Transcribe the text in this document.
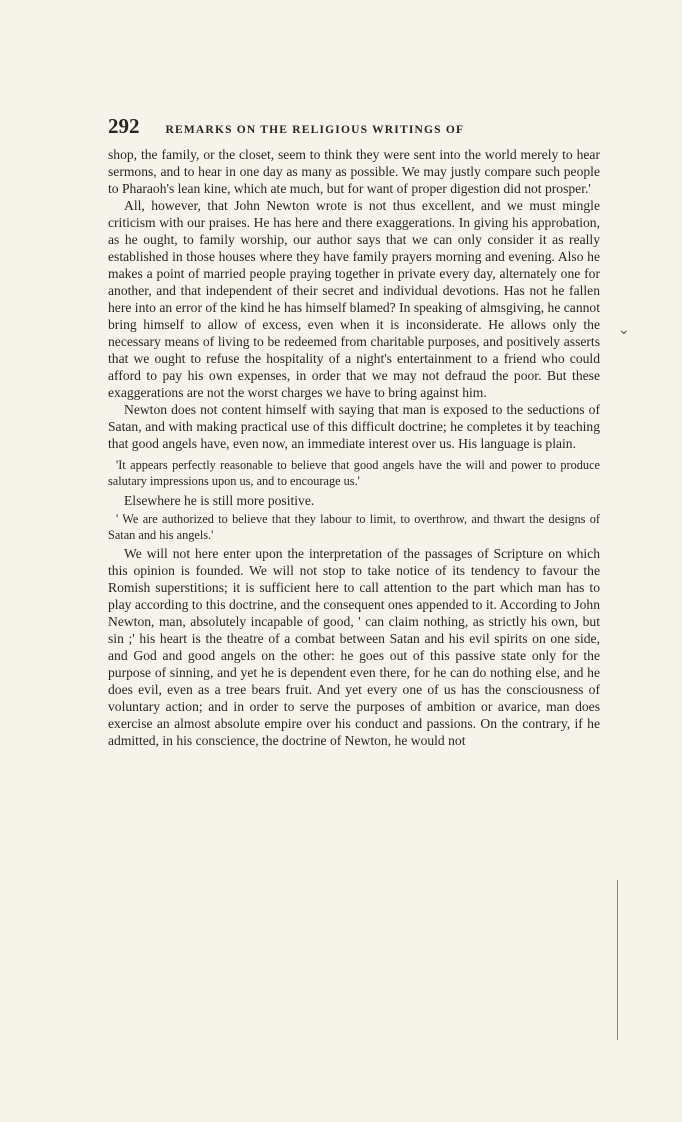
292 REMARKS ON THE RELIGIOUS WRITINGS OF

shop, the family, or the closet, seem to think they were sent into the world merely to hear sermons, and to hear in one day as many as possible. We may justly compare such people to Pharaoh's lean kine, which ate much, but for want of proper digestion did not prosper.'

All, however, that John Newton wrote is not thus excellent, and we must mingle criticism with our praises. He has here and there exaggerations. In giving his approbation, as he ought, to family worship, our author says that we can only consider it as really established in those houses where they have family prayers morning and evening. Also he makes a point of married people praying together in private every day, alternately one for another, and that independent of their secret and individual devotions. Has not he fallen here into an error of the kind he has himself blamed? In speaking of almsgiving, he cannot bring himself to allow of excess, even when it is inconsiderate. He allows only the necessary means of living to be redeemed from charitable purposes, and positively asserts that we ought to refuse the hospitality of a night's entertainment to a friend who could afford to pay his own expenses, in order that we may not defraud the poor. But these exaggerations are not the worst charges we have to bring against him.

Newton does not content himself with saying that man is exposed to the seductions of Satan, and with making practical use of this difficult doctrine; he completes it by teaching that good angels have, even now, an immediate interest over us. His language is plain.

'It appears perfectly reasonable to believe that good angels have the will and power to produce salutary impressions upon us, and to encourage us.'

Elsewhere he is still more positive.

' We are authorized to believe that they labour to limit, to overthrow, and thwart the designs of Satan and his angels.'

We will not here enter upon the interpretation of the passages of Scripture on which this opinion is founded. We will not stop to take notice of its tendency to favour the Romish superstitions; it is sufficient here to call attention to the part which man has to play according to this doctrine, and the consequent ones appended to it. According to John Newton, man, absolutely incapable of good, ' can claim nothing, as strictly his own, but sin ;' his heart is the theatre of a combat between Satan and his evil spirits on one side, and God and good angels on the other: he goes out of this passive state only for the purpose of sinning, and yet he is dependent even there, for he can do nothing else, and he does evil, even as a tree bears fruit. And yet every one of us has the consciousness of voluntary action; and in order to serve the purposes of ambition or avarice, man does exercise an almost absolute empire over his conduct and passions. On the contrary, if he admitted, in his conscience, the doctrine of Newton, he would not

⌄
